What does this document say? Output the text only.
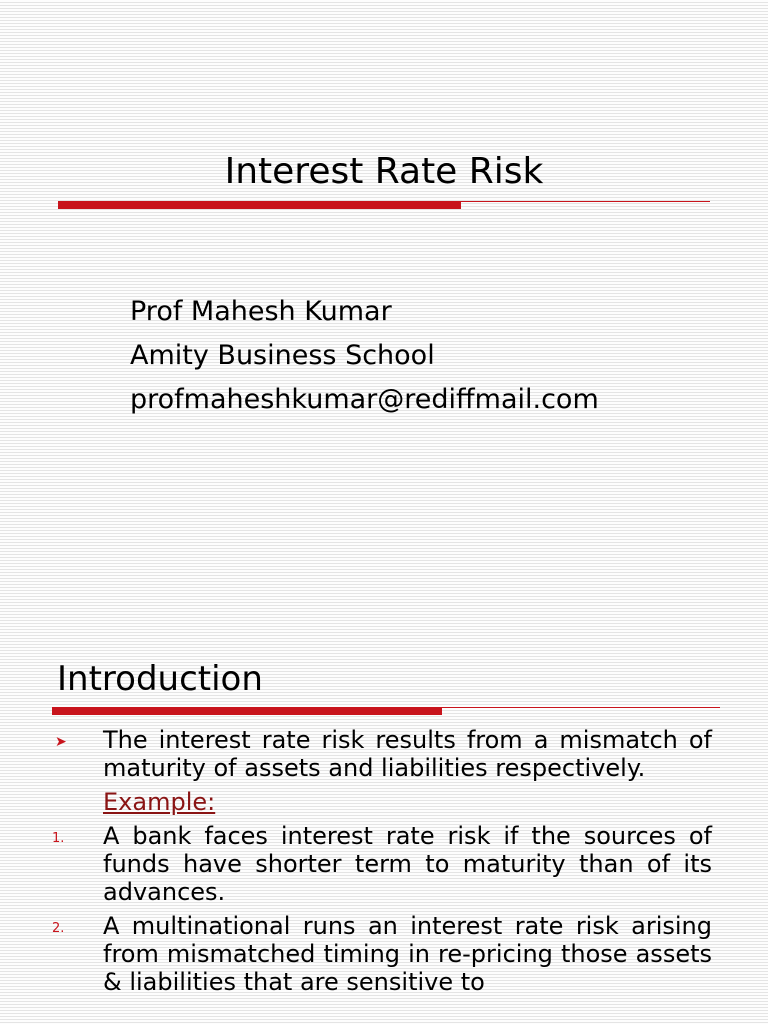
Interest Rate Risk
Prof Mahesh Kumar
Amity Business School
profmaheshkumar@rediffmail.com
Introduction
➤	The interest rate risk results from a mismatch of maturity of assets and liabilities respectively.
Example:
1.	A bank faces interest rate risk if the sources of funds have shorter term to maturity than of its advances.
2.	A multinational runs an interest rate risk arising from mismatched timing in re-pricing those assets & liabilities that are sensitive to
